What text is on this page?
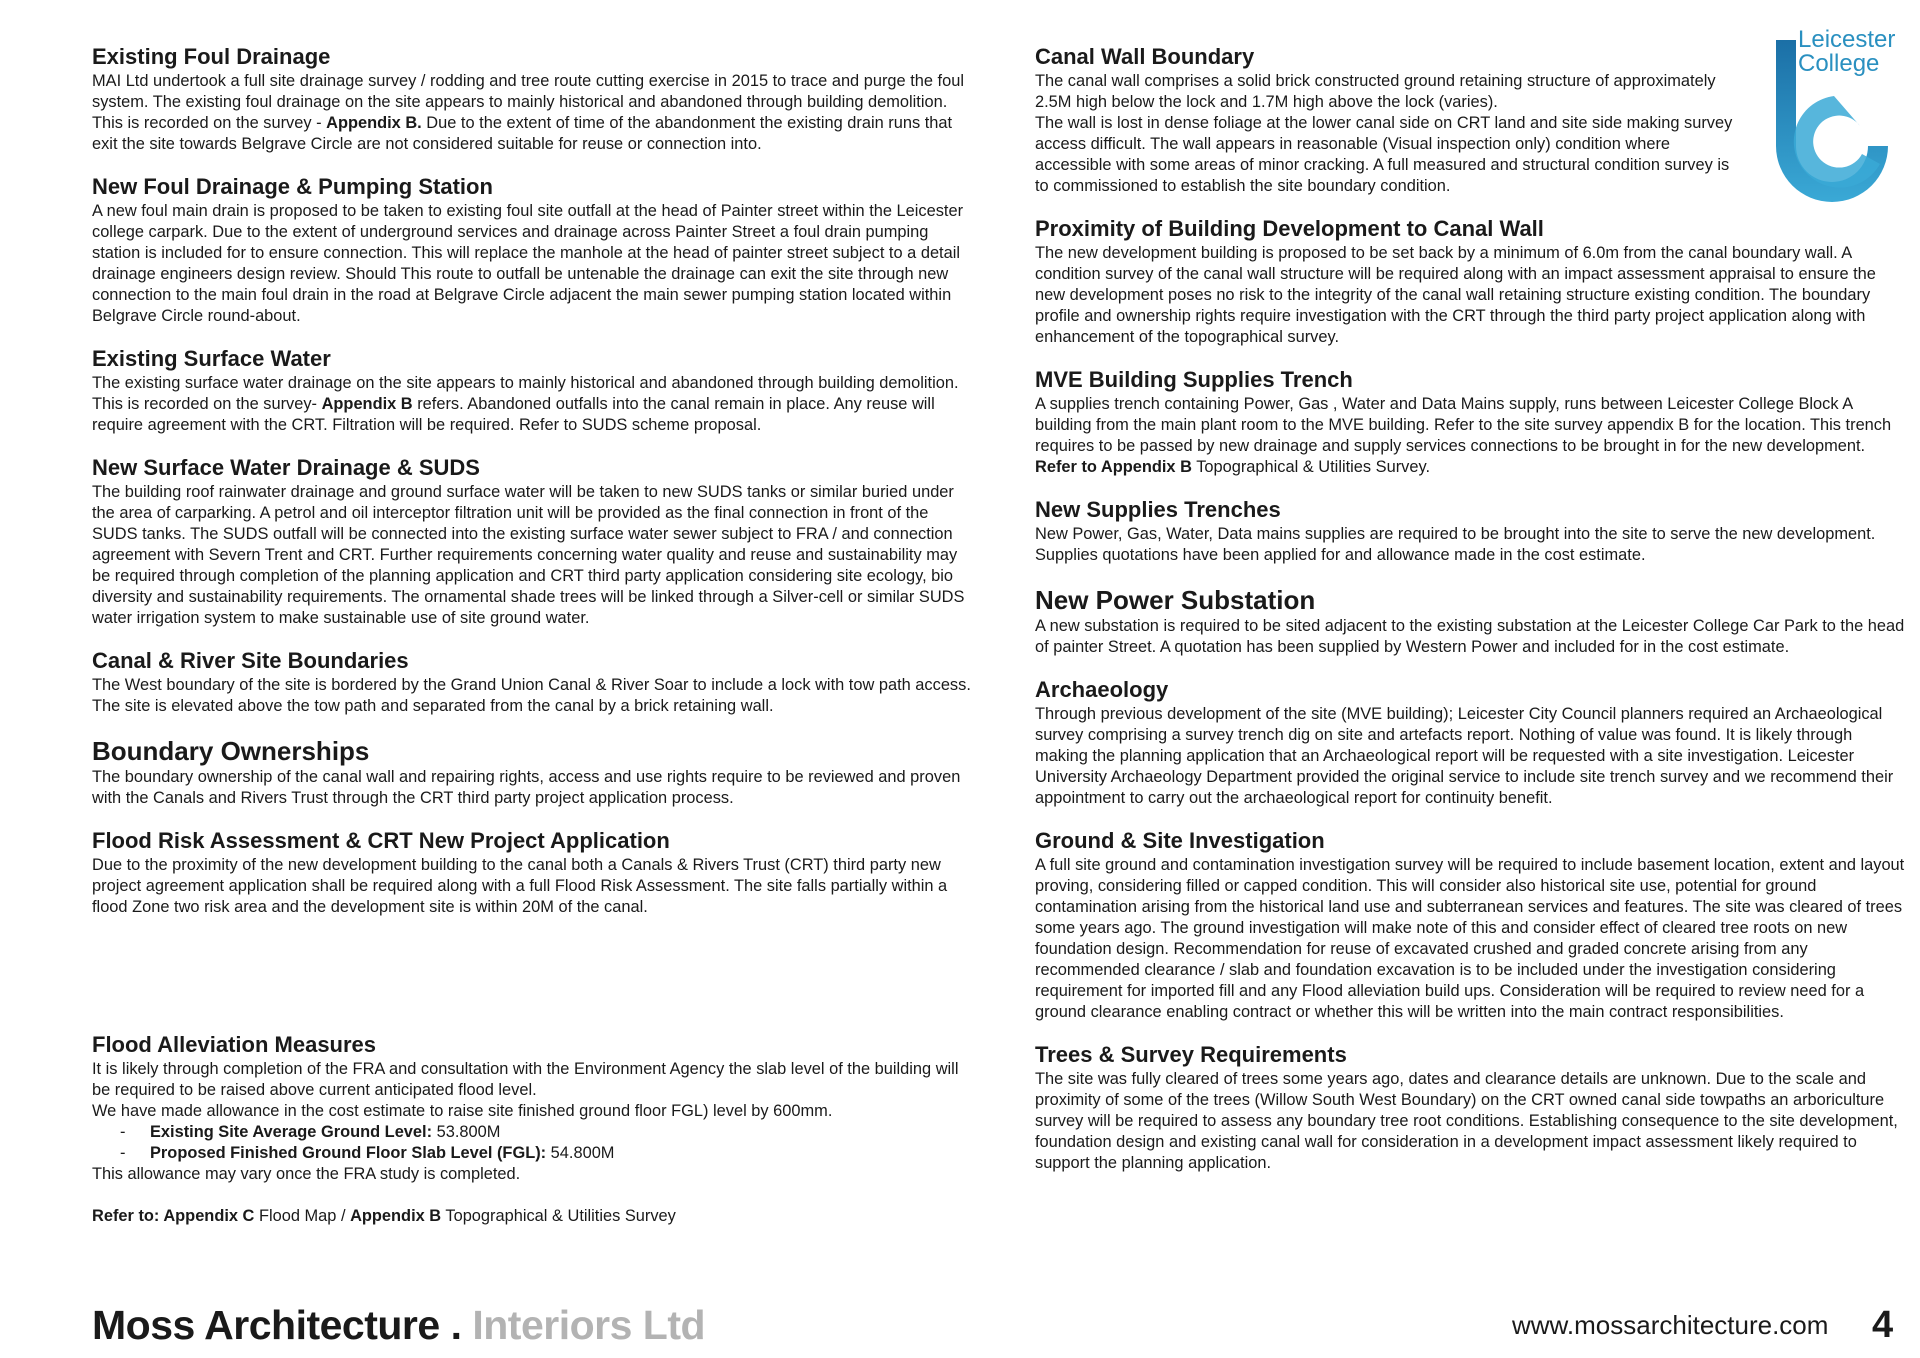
Existing Foul Drainage

MAI Ltd undertook a full site drainage survey / rodding and tree route cutting exercise in 2015 to trace and purge the foul system. The existing foul drainage on the site appears to mainly historical and abandoned through building demolition. This is recorded on the survey - Appendix B. Due to the extent of time of the abandonment the existing drain runs that exit the site towards Belgrave Circle are not considered suitable for reuse or connection into.

New Foul Drainage & Pumping Station

A new foul main drain is proposed to be taken to existing foul site outfall at the head of Painter street within the Leicester college carpark. Due to the extent of underground services and drainage across Painter Street a foul drain pumping station is included for to ensure connection. This will replace the manhole at the head of painter street subject to a detail drainage engineers design review. Should This route to outfall be untenable the drainage can exit the site through new connection to the main foul drain in the road at Belgrave Circle adjacent the main sewer pumping station located within Belgrave Circle round-about.

Existing Surface Water

The existing surface water drainage on the site appears to mainly historical and abandoned through building demolition. This is recorded on the survey- Appendix B refers. Abandoned outfalls into the canal remain in place. Any reuse will require agreement with the CRT. Filtration will be required. Refer to SUDS scheme proposal.

New Surface Water Drainage & SUDS

The building roof rainwater drainage and ground surface water will be taken to new SUDS tanks or similar buried under the area of carparking. A petrol and oil interceptor filtration unit will be provided as the final connection in front of the SUDS tanks. The SUDS outfall will be connected into the existing surface water sewer subject to FRA / and connection agreement with Severn Trent and CRT. Further requirements concerning water quality and reuse and sustainability may be required through completion of the planning application and CRT third party application considering site ecology, bio diversity and sustainability requirements. The ornamental shade trees will be linked through a Silver-cell or similar SUDS water irrigation system to make sustainable use of site ground water.

Canal & River Site Boundaries

The West boundary of the site is bordered by the Grand Union Canal & River Soar to include a lock with tow path access. The site is elevated above the tow path and separated from the canal by a brick retaining wall.

Boundary Ownerships

The boundary ownership of the canal wall and repairing rights, access and use rights require to be reviewed and proven with the Canals and Rivers Trust through the CRT third party project application process.

Flood Risk Assessment & CRT New Project Application

Due to the proximity of the new development building to the canal both a Canals & Rivers Trust (CRT) third party new project agreement application shall be required along with a full Flood Risk Assessment. The site falls partially within a flood Zone two risk area and the development site is within 20M of the canal.

Flood Alleviation Measures

It is likely through completion of the FRA and consultation with the Environment Agency the slab level of the building will be required to be raised above current anticipated flood level.

We have made allowance in the cost estimate to raise site finished ground floor FGL) level by 600mm.

- Existing Site Average Ground Level: 53.800M
- Proposed Finished Ground Floor Slab Level (FGL): 54.800M

This allowance may vary once the FRA study is completed.

Refer to: Appendix C Flood Map / Appendix B Topographical & Utilities Survey

Canal Wall Boundary

The canal wall comprises a solid brick constructed ground retaining structure of approximately 2.5M high below the lock and 1.7M high above the lock (varies).

The wall is lost in dense foliage at the lower canal side on CRT land and site side making survey access difficult. The wall appears in reasonable (Visual inspection only) condition where accessible with some areas of minor cracking. A full measured and structural condition survey is to commissioned to establish the site boundary condition.

Proximity of Building Development to Canal Wall

The new development building is proposed to be set back by a minimum of 6.0m from the canal boundary wall. A condition survey of the canal wall structure will be required along with an impact assessment appraisal to ensure the new development poses no risk to the integrity of the canal wall retaining structure existing condition. The boundary profile and ownership rights require investigation with the CRT through the third party project application along with enhancement of the topographical survey.

MVE Building Supplies Trench

A supplies trench containing Power, Gas , Water and Data Mains supply, runs between Leicester College Block A building from the main plant room to the MVE building. Refer to the site survey appendix B for the location. This trench requires to be passed by new drainage and supply services connections to be brought in for the new development.

Refer to Appendix B Topographical & Utilities Survey.

New Supplies Trenches

New Power, Gas, Water, Data mains supplies are required to be brought into the site to serve the new development. Supplies quotations have been applied for and allowance made in the cost estimate.

New Power Substation

A new substation is required to be sited adjacent to the existing substation at the Leicester College Car Park to the head of painter Street. A quotation has been supplied by Western Power and included for in the cost estimate.

Archaeology

Through previous development of the site (MVE building); Leicester City Council planners required an Archaeological survey comprising a survey trench dig on site and artefacts report. Nothing of value was found. It is likely through making the planning application that an Archaeological report will be requested with a site investigation. Leicester University Archaeology Department provided the original service to include site trench survey and we recommend their appointment to carry out the archaeological report for continuity benefit.

Ground & Site Investigation

A full site ground and contamination investigation survey will be required to include basement location, extent and layout proving, considering filled or capped condition. This will consider also historical site use, potential for ground contamination arising from the historical land use and subterranean services and features. The site was cleared of trees some years ago. The ground investigation will make note of this and consider effect of cleared tree roots on new foundation design. Recommendation for reuse of excavated crushed and graded concrete arising from any recommended clearance / slab and foundation excavation is to be included under the investigation considering requirement for imported fill and any Flood alleviation build ups. Consideration will be required to review need for a ground clearance enabling contract or whether this will be written into the main contract responsibilities.

Trees & Survey Requirements

The site was fully cleared of trees some years ago, dates and clearance details are unknown. Due to the scale and proximity of some of the trees (Willow South West Boundary) on the CRT owned canal side towpaths an arboriculture survey will be required to assess any boundary tree root conditions. Establishing consequence to the site development, foundation design and existing canal wall for consideration in a development impact assessment likely required to support the planning application.

Leicester
College
Moss Architecture . Interiors Ltd	www.mossarchitecture.com 4
